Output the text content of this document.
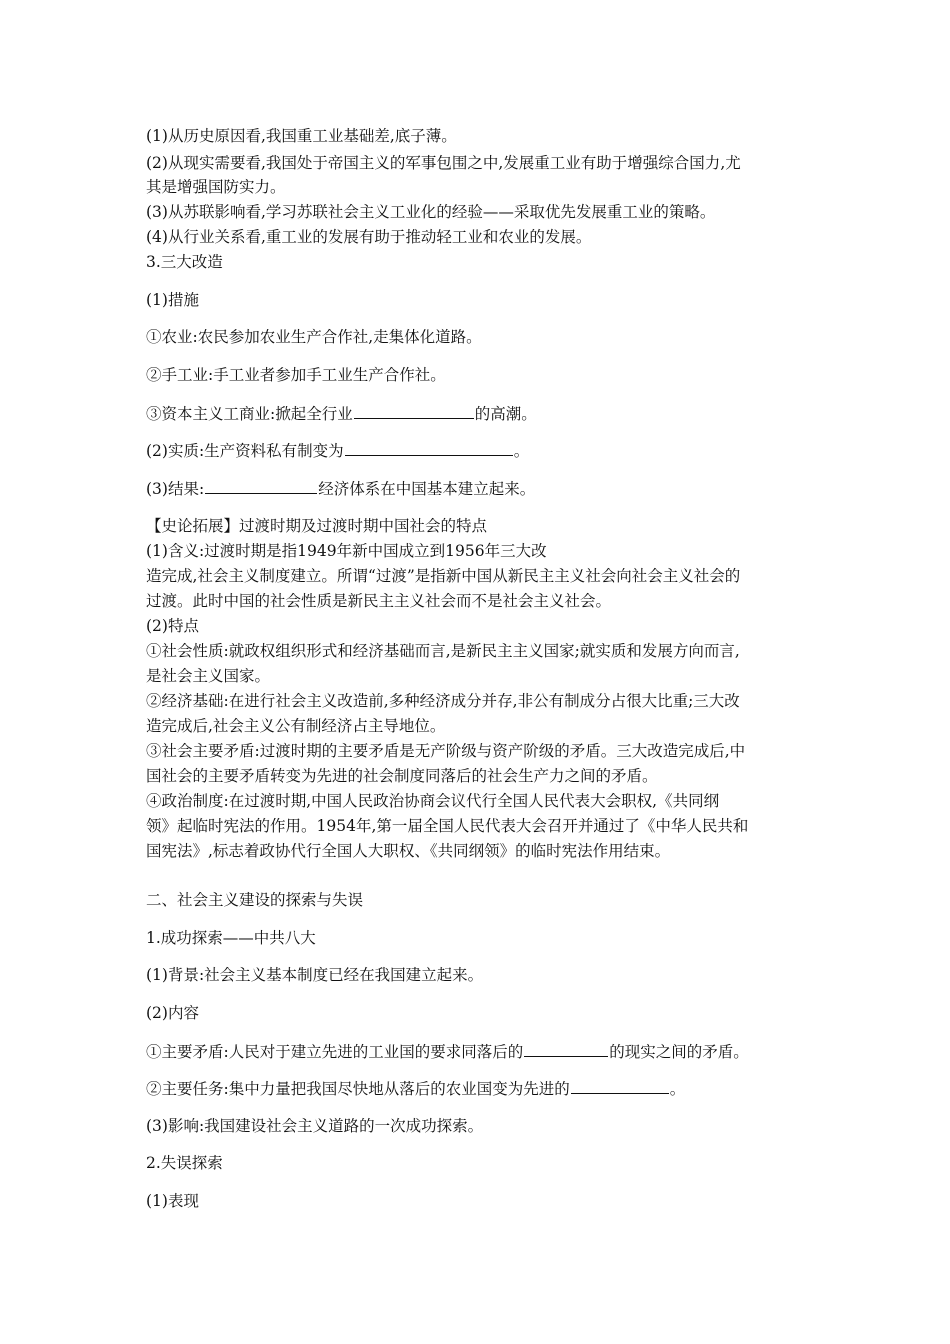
(1)从历史原因看,我国重工业基础差,底子薄。
(2)从现实需要看,我国处于帝国主义的军事包围之中,发展重工业有助于增强综合国力,尤
其是增强国防实力。
(3)从苏联影响看,学习苏联社会主义工业化的经验——采取优先发展重工业的策略。
(4)从行业关系看,重工业的发展有助于推动轻工业和农业的发展。
3.三大改造
(1)措施
①农业:农民参加农业生产合作社,走集体化道路。
②手工业:手工业者参加手工业生产合作社。
③资本主义工商业:掀起全行业	的高潮。
(2)实质:生产资料私有制变为	。
(3)结果:	经济体系在中国基本建立起来。
【史论拓展】过渡时期及过渡时期中国社会的特点
(1)含义:过渡时期是指1949年新中国成立到1956年三大改
造完成,社会主义制度建立。所谓“过渡”是指新中国从新民主主义社会向社会主义社会的
过渡。此时中国的社会性质是新民主主义社会而不是社会主义社会。
(2)特点
①社会性质:就政权组织形式和经济基础而言,是新民主主义国家;就实质和发展方向而言,
是社会主义国家。
②经济基础:在进行社会主义改造前,多种经济成分并存,非公有制成分占很大比重;三大改
造完成后,社会主义公有制经济占主导地位。
③社会主要矛盾:过渡时期的主要矛盾是无产阶级与资产阶级的矛盾。三大改造完成后,中
国社会的主要矛盾转变为先进的社会制度同落后的社会生产力之间的矛盾。
④政治制度:在过渡时期,中国人民政治协商会议代行全国人民代表大会职权,《共同纲
领》起临时宪法的作用。1954年,第一届全国人民代表大会召开并通过了《中华人民共和
国宪法》,标志着政协代行全国人大职权、《共同纲领》的临时宪法作用结束。
二、社会主义建设的探索与失误
1.成功探索——中共八大
(1)背景:社会主义基本制度已经在我国建立起来。
(2)内容
①主要矛盾:人民对于建立先进的工业国的要求同落后的	的现实之间的矛盾。
②主要任务:集中力量把我国尽快地从落后的农业国变为先进的	。
(3)影响:我国建设社会主义道路的一次成功探索。
2.失误探索
(1)表现
